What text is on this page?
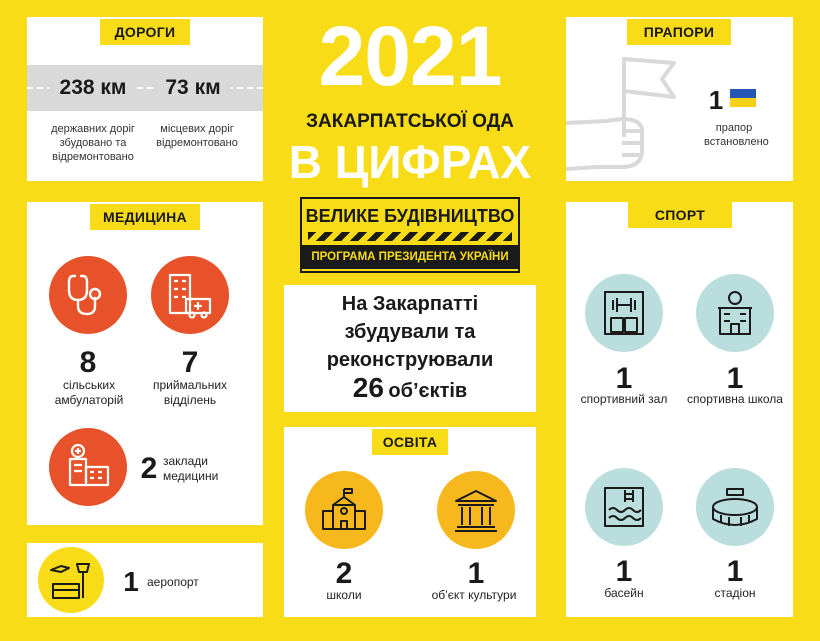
ДОРОГИ
238 км	73 км
державних доріг збудовано та відремонтовано
місцевих доріг відремонтовано
2021
ЗАКАРПАТСЬКОЇ ОДА
В ЦИФРАХ
ВЕЛИКЕ БУДІВНИЦТВО
ПРОГРАМА ПРЕЗИДЕНТА УКРАЇНИ
На Закарпатті
збудували та
реконструювали
26 об’єктів
ПРАПОРИ
1
прапор встановлено
МЕДИЦИНА
8
сільських амбулаторій
7
приймальних відділень
2 заклади медицини
1 аеропорт
ОСВІТА
2
школи
1
об’єкт культури
СПОРТ
1
спортивний зал
1
спортивна школа
1
басейн
1
стадіон
